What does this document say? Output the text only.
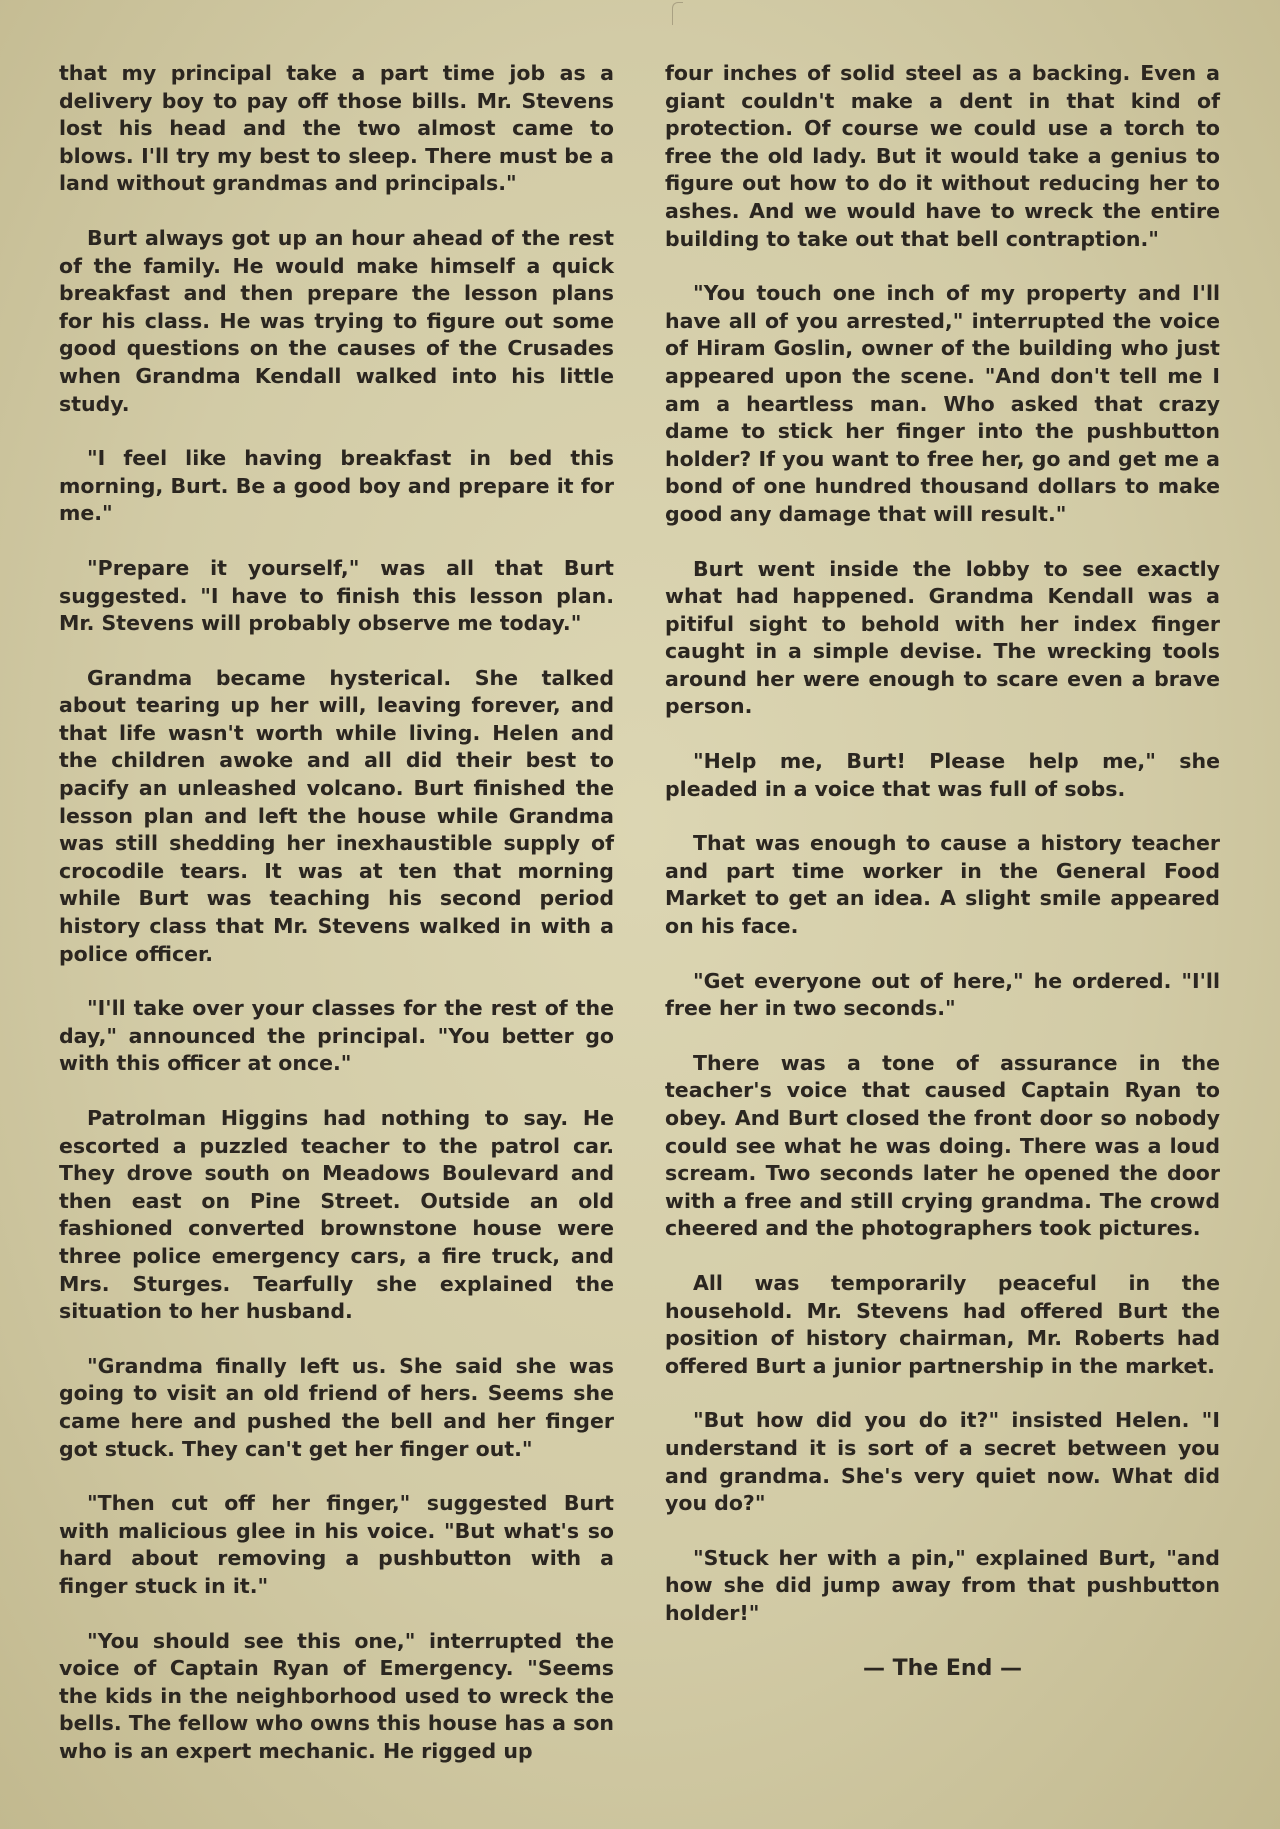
that my principal take a part time job as a delivery boy to pay off those bills. Mr. Stevens lost his head and the two almost came to blows. I'll try my best to sleep. There must be a land without grandmas and principals."

Burt always got up an hour ahead of the rest of the family. He would make himself a quick breakfast and then prepare the lesson plans for his class. He was trying to figure out some good questions on the causes of the Crusades when Grandma Kendall walked into his little study.

"I feel like having breakfast in bed this morning, Burt. Be a good boy and prepare it for me."

"Prepare it yourself," was all that Burt suggested. "I have to finish this lesson plan. Mr. Stevens will probably observe me today."

Grandma became hysterical. She talked about tearing up her will, leaving forever, and that life wasn't worth while living. Helen and the children awoke and all did their best to pacify an unleashed volcano. Burt finished the lesson plan and left the house while Grandma was still shedding her inexhaustible supply of crocodile tears. It was at ten that morning while Burt was teaching his second period history class that Mr. Stevens walked in with a police officer.

"I'll take over your classes for the rest of the day," announced the principal. "You better go with this officer at once."

Patrolman Higgins had nothing to say. He escorted a puzzled teacher to the patrol car. They drove south on Meadows Boulevard and then east on Pine Street. Outside an old fashioned converted brownstone house were three police emergency cars, a fire truck, and Mrs. Sturges. Tearfully she explained the situation to her husband.

"Grandma finally left us. She said she was going to visit an old friend of hers. Seems she came here and pushed the bell and her finger got stuck. They can't get her finger out."

"Then cut off her finger," suggested Burt with malicious glee in his voice. "But what's so hard about removing a pushbutton with a finger stuck in it."

"You should see this one," interrupted the voice of Captain Ryan of Emergency. "Seems the kids in the neighborhood used to wreck the bells. The fellow who owns this house has a son who is an expert mechanic. He rigged up

four inches of solid steel as a backing. Even a giant couldn't make a dent in that kind of protection. Of course we could use a torch to free the old lady. But it would take a genius to figure out how to do it without reducing her to ashes. And we would have to wreck the entire building to take out that bell contraption."

"You touch one inch of my property and I'll have all of you arrested," interrupted the voice of Hiram Goslin, owner of the building who just appeared upon the scene. "And don't tell me I am a heartless man. Who asked that crazy dame to stick her finger into the pushbutton holder? If you want to free her, go and get me a bond of one hundred thousand dollars to make good any damage that will result."

Burt went inside the lobby to see exactly what had happened. Grandma Kendall was a pitiful sight to behold with her index finger caught in a simple devise. The wrecking tools around her were enough to scare even a brave person.

"Help me, Burt! Please help me," she pleaded in a voice that was full of sobs.

That was enough to cause a history teacher and part time worker in the General Food Market to get an idea. A slight smile appeared on his face.

"Get everyone out of here," he ordered. "I'll free her in two seconds."

There was a tone of assurance in the teacher's voice that caused Captain Ryan to obey. And Burt closed the front door so nobody could see what he was doing. There was a loud scream. Two seconds later he opened the door with a free and still crying grandma. The crowd cheered and the photographers took pictures.

All was temporarily peaceful in the household. Mr. Stevens had offered Burt the position of history chairman, Mr. Roberts had offered Burt a junior partnership in the market.

"But how did you do it?" insisted Helen. "I understand it is sort of a secret between you and grandma. She's very quiet now. What did you do?"

"Stuck her with a pin," explained Burt, "and how she did jump away from that pushbutton holder!"

— The End —
